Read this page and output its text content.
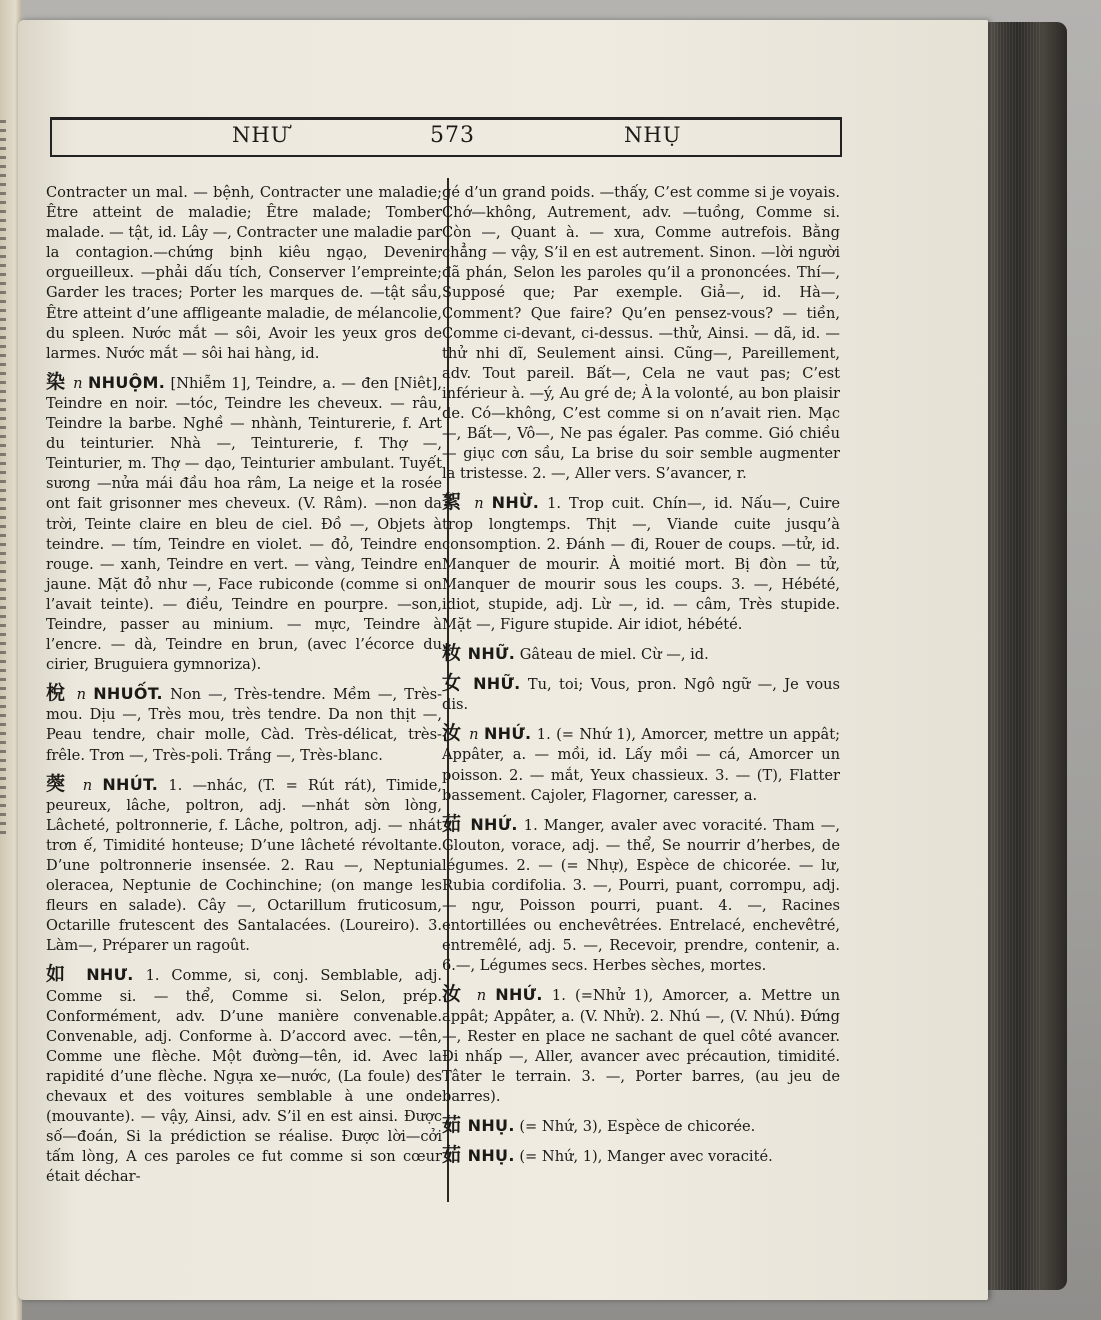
NHƯ	573	NHỤ

Contracter un mal. — bệnh, Contracter une maladie; Être atteint de maladie; Être malade; Tomber malade. — tật, id. Lây —, Contracter une maladie par la contagion.—chứng bịnh kiêu ngạo, Devenir orgueilleux. —phải dấu tích, Conserver l’empreinte; Garder les traces; Porter les marques de. —tật sầu, Être atteint d’une affligeante maladie, de mélancolie, du spleen. Nước mắt — sôi, Avoir les yeux gros de larmes. Nước mắt — sôi hai hàng, id.

染 n NHUỘM. [Nhiễm 1], Teindre, a. — đen [Niêt], Teindre en noir. —tóc, Teindre les cheveux. — râu, Teindre la barbe. Nghề — nhành, Teinturerie, f. Art du teinturier. Nhà —, Teinturerie, f. Thợ —, Teinturier, m. Thợ — dạo, Teinturier ambulant. Tuyết sương —nửa mái đầu hoa râm, La neige et la rosée ont fait grisonner mes cheveux. (V. Râm). —non da trời, Teinte claire en bleu de ciel. Đồ —, Objets à teindre. — tím, Teindre en violet. — đỏ, Teindre en rouge. — xanh, Teindre en vert. — vàng, Teindre en jaune. Mặt đỏ như —, Face rubiconde (comme si on l’avait teinte). — điều, Teindre en pourpre. —son, Teindre, passer au minium. — mực, Teindre à l’encre. — dà, Teindre en brun, (avec l’écorce du cirier, Bruguiera gymnoriza).

梲 n NHUỐT. Non —, Très-tendre. Mềm —, Très-mou. Dịu —, Très mou, très tendre. Da non thịt —, Peau tendre, chair molle, Càd. Très-délicat, très-frêle. Trơn —, Très-poli. Trắng —, Très-blanc.

葖 n NHÚT. 1. —nhác, (T. = Rút rát), Timide, peureux, lâche, poltron, adj. —nhát sờn lòng, Lâcheté, poltronnerie, f. Lâche, poltron, adj. — nhát trơn ế, Timidité honteuse; D’une lâcheté révoltante. D’une poltronnerie insensée. 2. Rau —, Neptunia oleracea, Neptunie de Cochinchine; (on mange les fleurs en salade). Cây —, Octarillum fruticosum, Octarille frutescent des Santalacées. (Loureiro). 3. Làm—, Préparer un ragoût.

如 NHƯ. 1. Comme, si, conj. Semblable, adj. Comme si. — thể, Comme si. Selon, prép. Conformément, adv. D’une manière convenable. Convenable, adj. Conforme à. D’accord avec. —tên, Comme une flèche. Một đường—tên, id. Avec la rapidité d’une flèche. Ngựa xe—nước, (La foule) des chevaux et des voitures semblable à une onde (mouvante). — vậy, Ainsi, adv. S’il en est ainsi. Được số—đoán, Si la prédiction se réalise. Được lời—cởi tấm lòng, A ces paroles ce fut comme si son cœur était déchar-

gé d’un grand poids. —thấy, C’est comme si je voyais. Chớ—không, Autrement, adv. —tuồng, Comme si. Còn —, Quant à. — xưa, Comme autrefois. Bằng chẳng — vậy, S’il en est autrement. Sinon. —lời người đã phán, Selon les paroles qu’il a prononcées. Thí—, Supposé que; Par exemple. Giả—, id. Hà—, Comment? Que faire? Qu’en pensez-vous? — tiền, Comme ci-devant, ci-dessus. —thử, Ainsi. — dã, id. —thử nhi dĩ, Seulement ainsi. Cũng—, Pareillement, adv. Tout pareil. Bất—, Cela ne vaut pas; C’est inférieur à. —ý, Au gré de; À la volonté, au bon plaisir de. Có—không, C’est comme si on n’avait rien. Mạc—, Bất—, Vô—, Ne pas égaler. Pas comme. Gió chiều — giục cơn sầu, La brise du soir semble augmenter la tristesse. 2. —, Aller vers. S’avancer, r.

絮 n NHỪ. 1. Trop cuit. Chín—, id. Nấu—, Cuire trop longtemps. Thịt —, Viande cuite jusqu’à consomption. 2. Đánh — đi, Rouer de coups. —tử, id. Manquer de mourir. À moitié mort. Bị đòn — tử, Manquer de mourir sous les coups. 3. —, Hébété, idiot, stupide, adj. Lừ —, id. — câm, Très stupide. Mặt —, Figure stupide. Air idiot, hébété.

籹 NHỮ. Gâteau de miel. Cừ —, id.

女 NHỮ. Tu, toi; Vous, pron. Ngô ngữ —, Je vous dis.

汝 n NHỨ. 1. (= Nhứ 1), Amorcer, mettre un appât; Appâter, a. — mồi, id. Lấy mồi — cá, Amorcer un poisson. 2. — mắt, Yeux chassieux. 3. — (T), Flatter bassement. Cajoler, Flagorner, caresser, a.

茹 NHỨ. 1. Manger, avaler avec voracité. Tham —, Glouton, vorace, adj. — thể, Se nourrir d’herbes, de légumes. 2. — (= Nhự), Espèce de chicorée. — lư, Rubia cordifolia. 3. —, Pourri, puant, corrompu, adj. — ngư, Poisson pourri, puant. 4. —, Racines entortillées ou enchevêtrées. Entrelacé, enchevêtré, entremêlé, adj. 5. —, Recevoir, prendre, contenir, a. 6.—, Légumes secs. Herbes sèches, mortes.

汝 n NHỨ. 1. (=Nhử 1), Amorcer, a. Mettre un appât; Appâter, a. (V. Nhử). 2. Nhú —, (V. Nhú). Đứng —, Rester en place ne sachant de quel côté avancer. Đi nhấp —, Aller, avancer avec précaution, timidité. Tâter le terrain. 3. —, Porter barres, (au jeu de barres).

茹 NHỤ. (= Nhứ, 3), Espèce de chicorée.

茹 NHỤ. (= Nhứ, 1), Manger avec voracité.
